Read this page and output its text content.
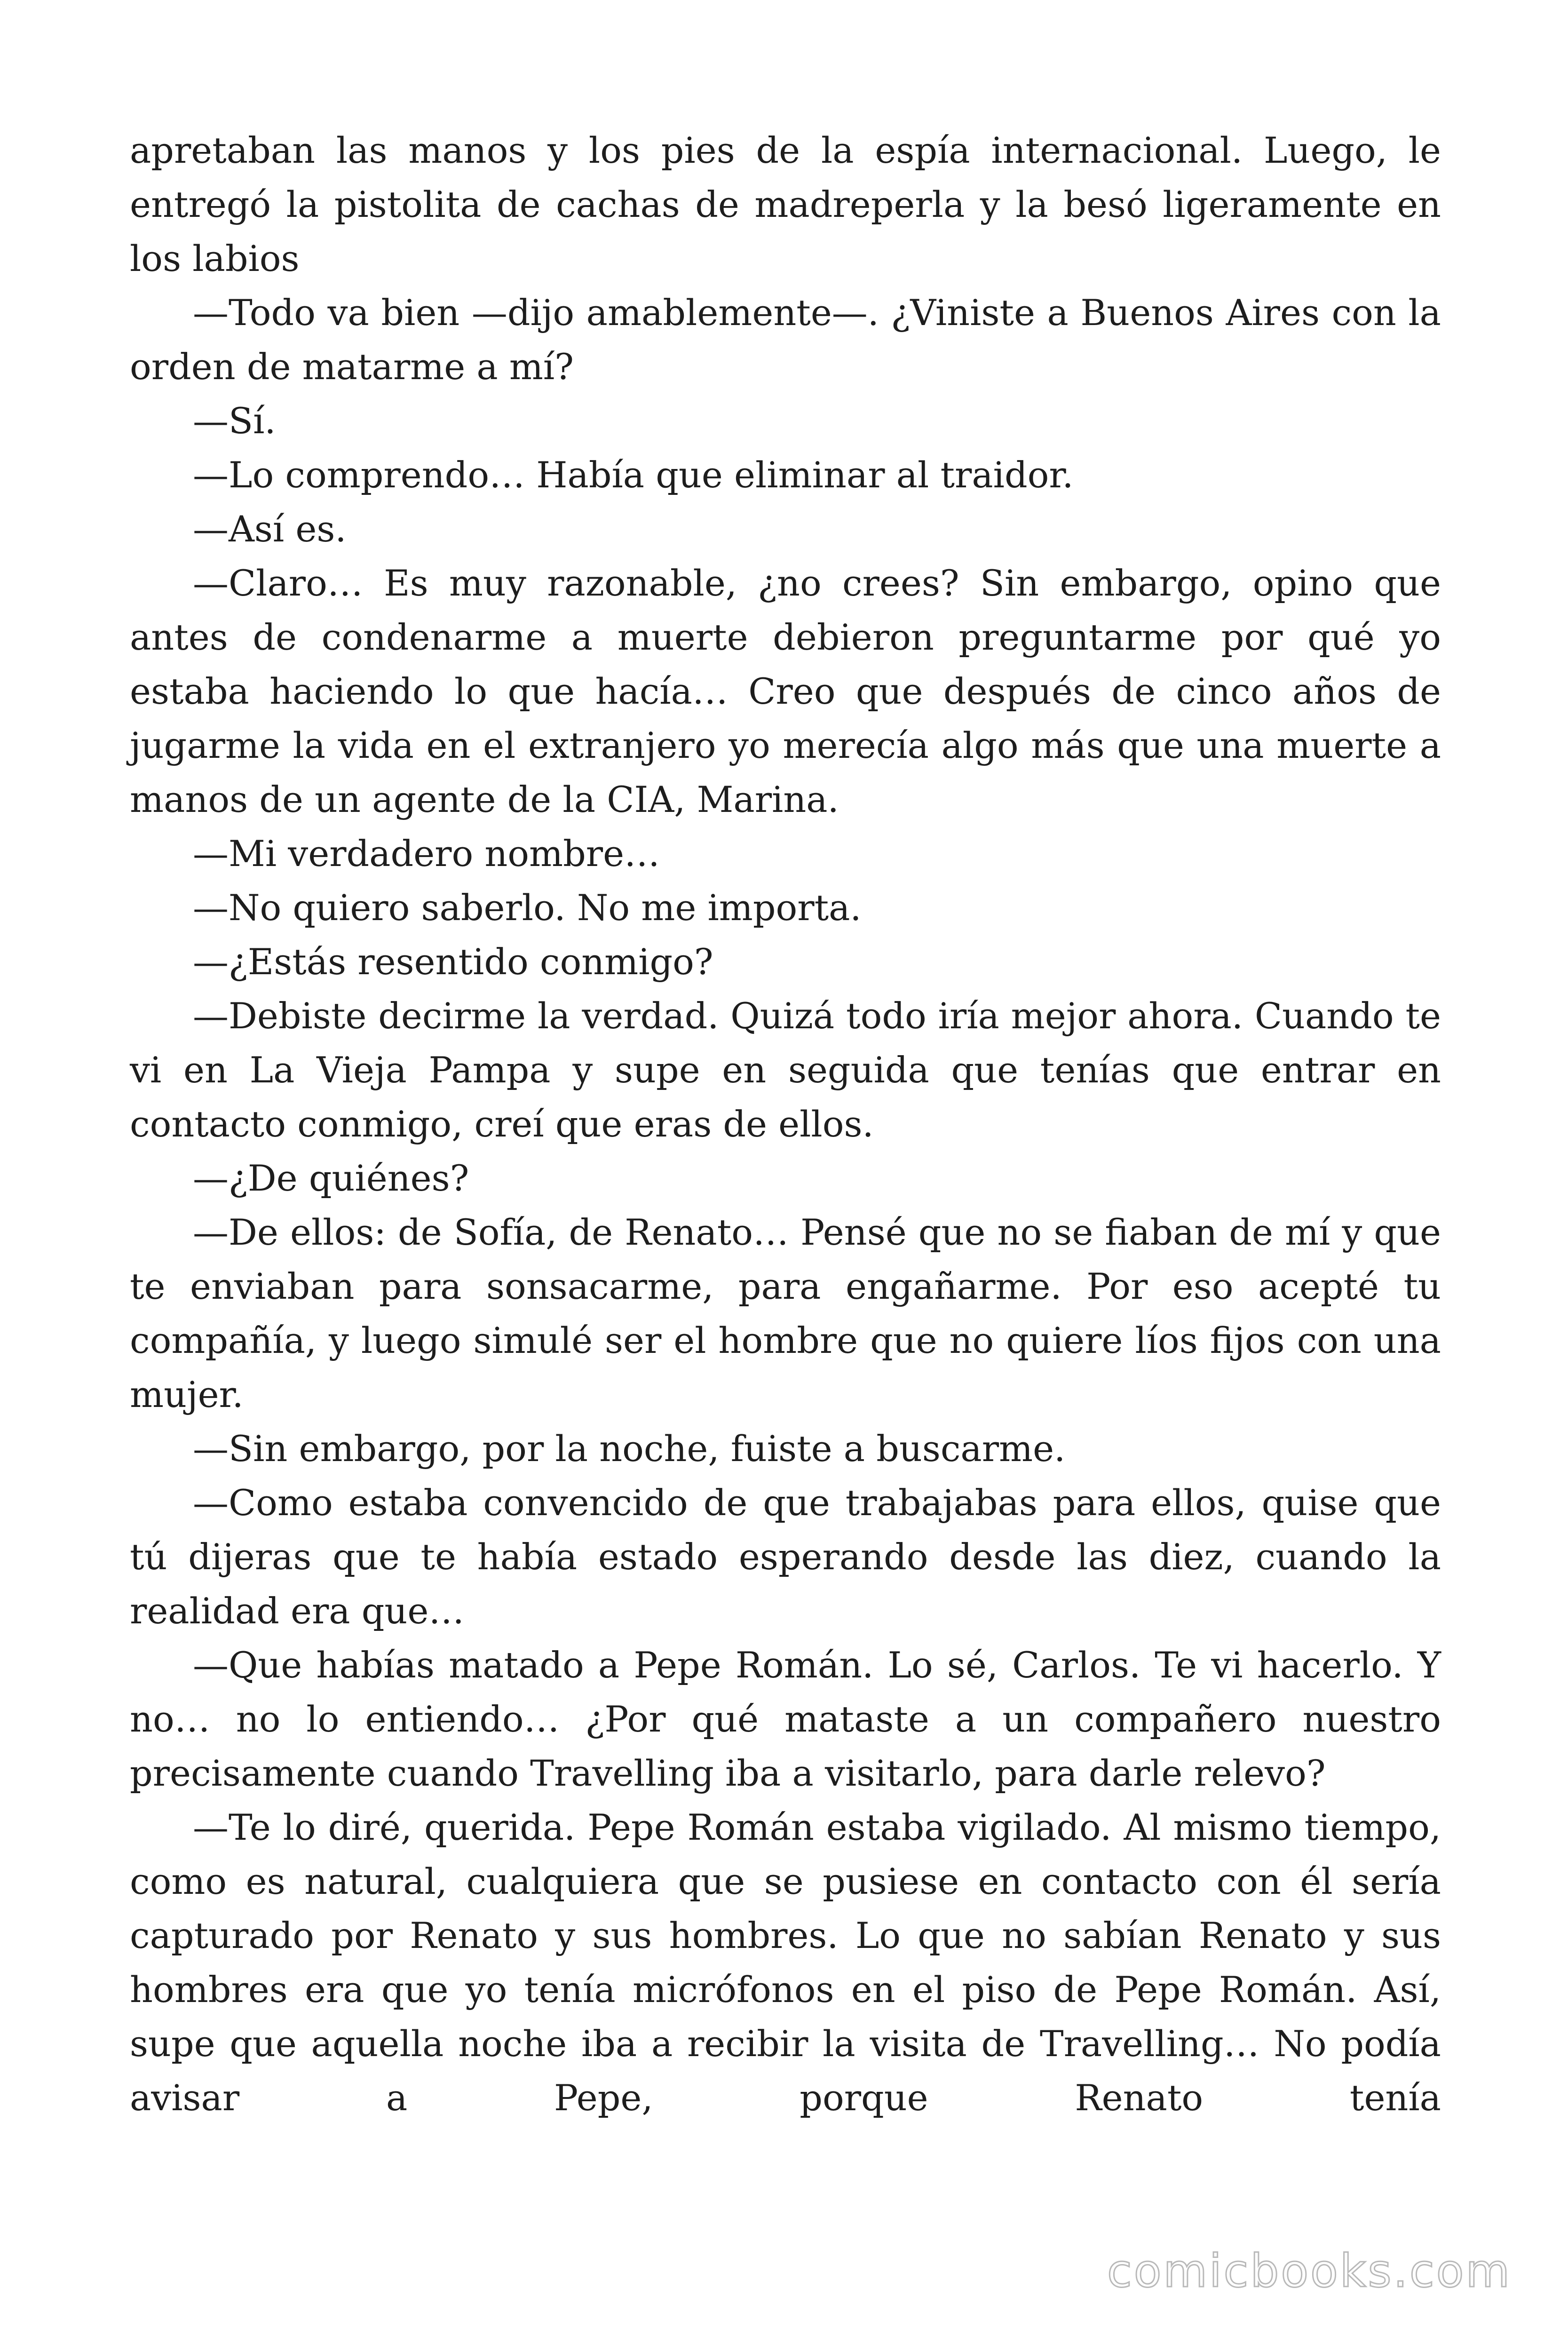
apretaban las manos y los pies de la espía internacional. Luego, le entregó la pistolita de cachas de madreperla y la besó ligeramente en los labios

—Todo va bien —dijo amablemente—. ¿Viniste a Buenos Aires con la orden de matarme a mí?

—Sí.

—Lo comprendo… Había que eliminar al traidor.

—Así es.

—Claro… Es muy razonable, ¿no crees? Sin embargo, opino que antes de condenarme a muerte debieron preguntarme por qué yo estaba haciendo lo que hacía… Creo que después de cinco años de jugarme la vida en el extranjero yo merecía algo más que una muerte a manos de un agente de la CIA, Marina.

—Mi verdadero nombre…

—No quiero saberlo. No me importa.

—¿Estás resentido conmigo?

—Debiste decirme la verdad. Quizá todo iría mejor ahora. Cuando te vi en La Vieja Pampa y supe en seguida que tenías que entrar en contacto conmigo, creí que eras de ellos.

—¿De quiénes?

—De ellos: de Sofía, de Renato… Pensé que no se fiaban de mí y que te enviaban para sonsacarme, para engañarme. Por eso acepté tu compañía, y luego simulé ser el hombre que no quiere líos fijos con una mujer.

—Sin embargo, por la noche, fuiste a buscarme.

—Como estaba convencido de que trabajabas para ellos, quise que tú dijeras que te había estado esperando desde las diez, cuando la realidad era que…

—Que habías matado a Pepe Román. Lo sé, Carlos. Te vi hacerlo. Y no… no lo entiendo… ¿Por qué mataste a un compañero nuestro precisamente cuando Travelling iba a visitarlo, para darle relevo?

—Te lo diré, querida. Pepe Román estaba vigilado. Al mismo tiempo, como es natural, cualquiera que se pusiese en contacto con él sería capturado por Renato y sus hombres. Lo que no sabían Renato y sus hombres era que yo tenía micrófonos en el piso de Pepe Román. Así, supe que aquella noche iba a recibir la visita de Travelling… No podía avisar a Pepe, porque Renato tenía

comicbooks.com
